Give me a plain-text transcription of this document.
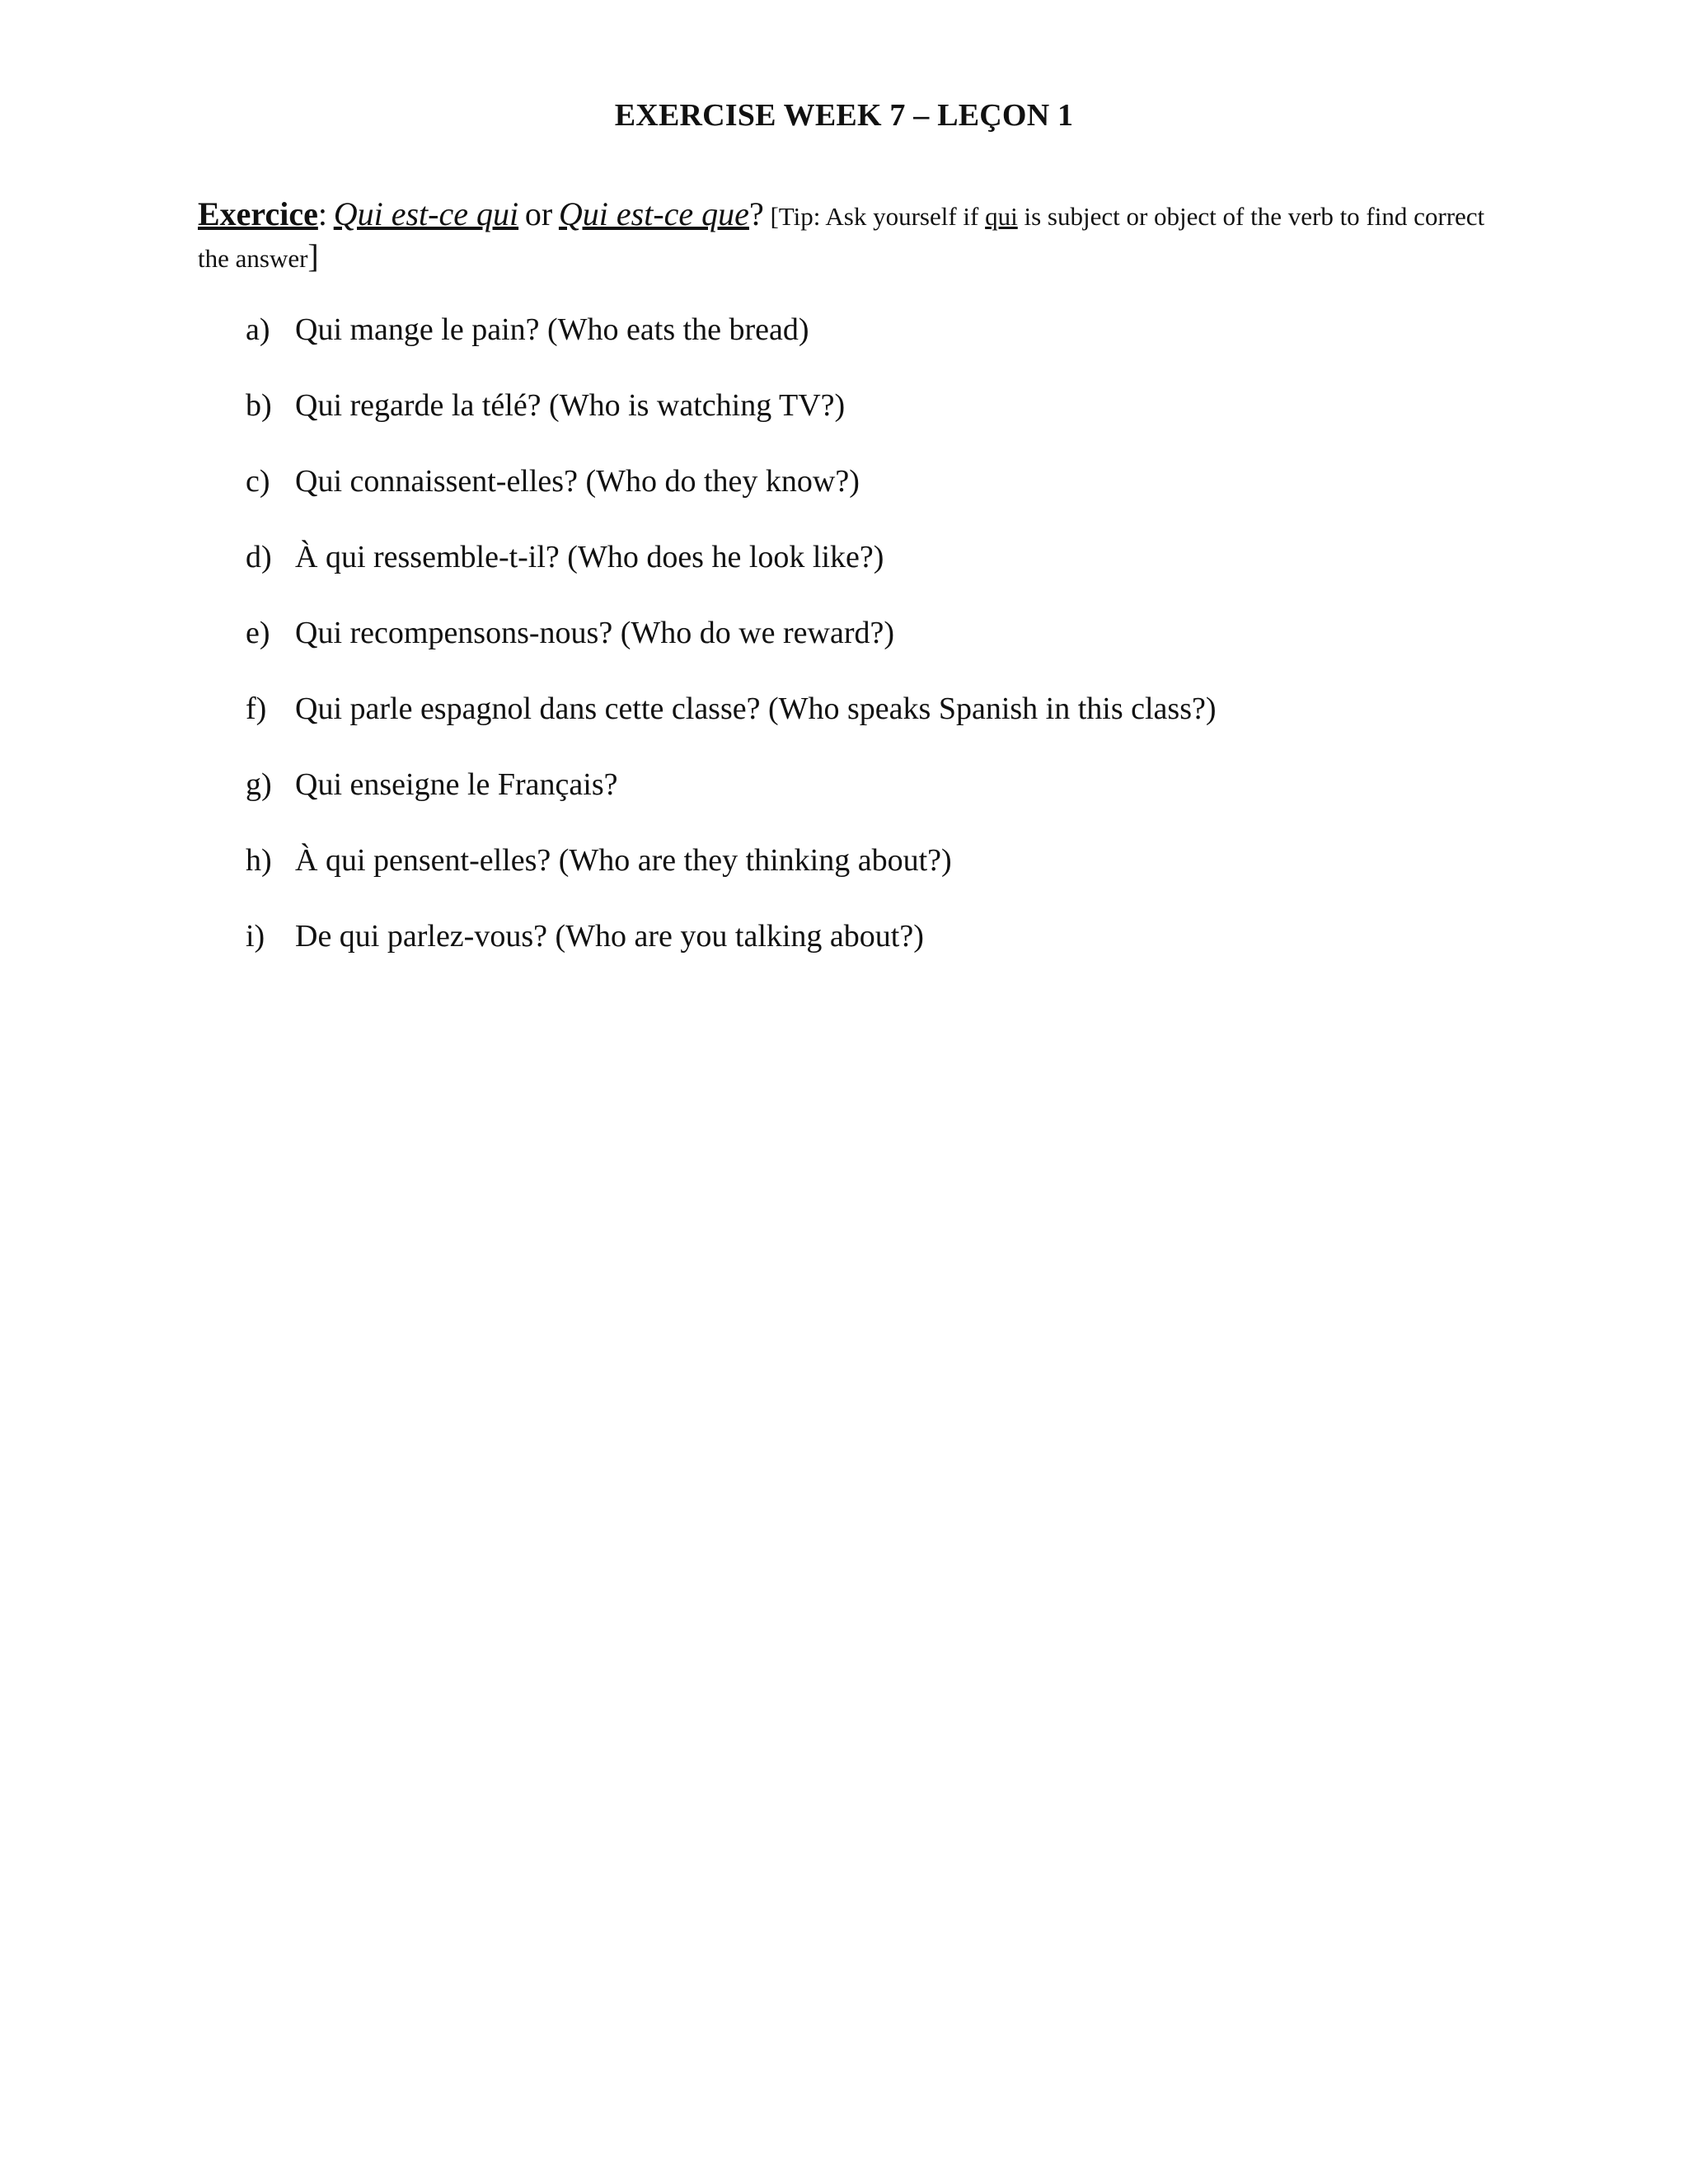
EXERCISE WEEK 7 – LEÇON 1
Exercice: Qui est-ce qui or Qui est-ce que? [Tip: Ask yourself if qui is subject or object of the verb to find correct the answer]
a) Qui mange le pain? (Who eats the bread)
b) Qui regarde la télé? (Who is watching TV?)
c) Qui connaissent-elles? (Who do they know?)
d) À qui ressemble-t-il? (Who does he look like?)
e) Qui recompensons-nous? (Who do we reward?)
f) Qui parle espagnol dans cette classe? (Who speaks Spanish in this class?)
g) Qui enseigne le Français?
h) À qui pensent-elles? (Who are they thinking about?)
i) De qui parlez-vous? (Who are you talking about?)
